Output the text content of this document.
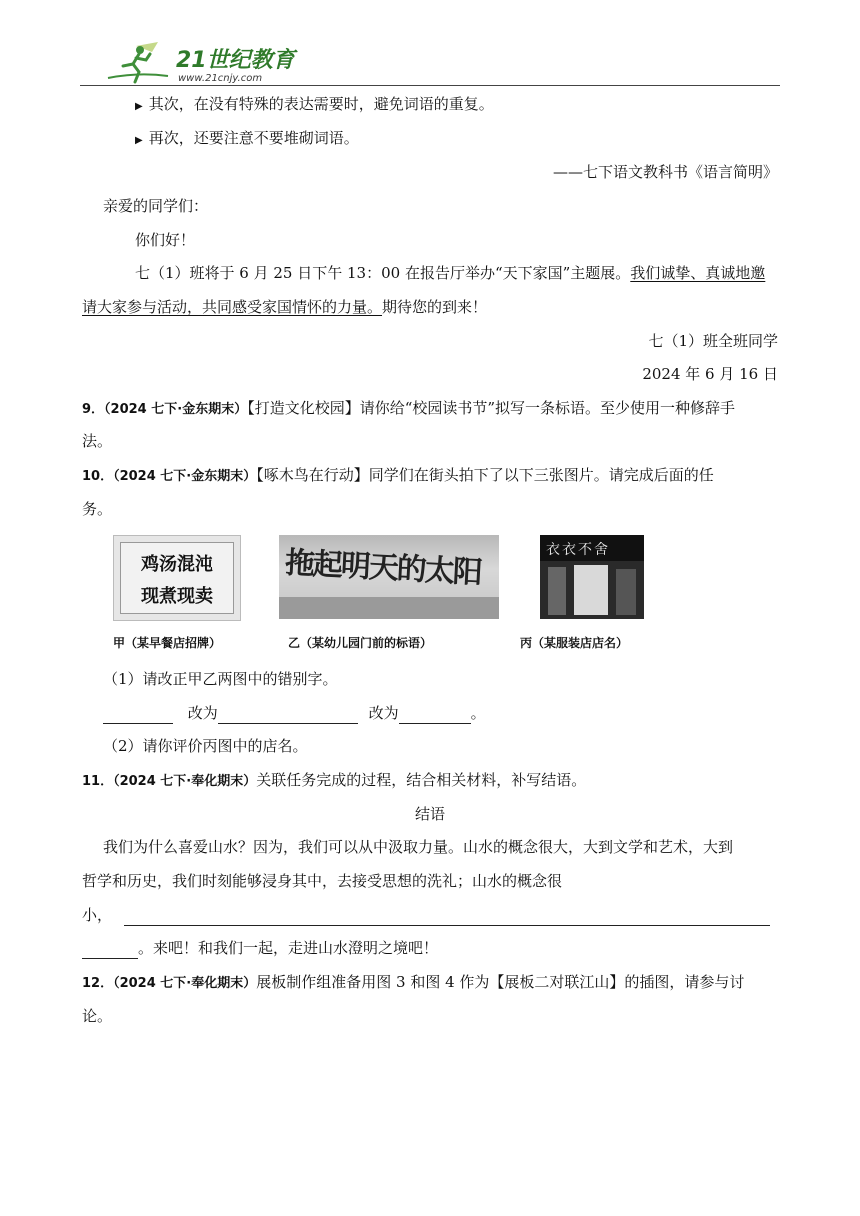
21世纪教育
www.21cnjy.com
▶ 其次，在没有特殊的表达需要时，避免词语的重复。
▶ 再次，还要注意不要堆砌词语。
——七下语文教科书《语言简明》
亲爱的同学们：
你们好！
七（1）班将于 6 月 25 日下午 13：00 在报告厅举办“天下家国”主题展。我们诚挚、真诚地邀
请大家参与活动，共同感受家国情怀的力量。期待您的到来！
七（1）班全班同学
2024 年 6 月 16 日
9．（2024 七下·金东期末）【打造文化校园】请你给“校园读书节”拟写一条标语。至少使用一种修辞手
法。
10．（2024 七下·金东期末）【啄木鸟在行动】同学们在街头拍下了以下三张图片。请完成后面的任
务。
鸡汤混沌
现煮现卖
甲（某早餐店招牌）
拖起明天的太阳
乙（某幼儿园门前的标语）
衣衣不舍
丙（某服装店店名）
（1）请改正甲乙两图中的错别字。
改为	改为	。
（2）请你评价丙图中的店名。
11．（2024 七下·奉化期末）关联任务完成的过程，结合相关材料，补写结语。
结语
我们为什么喜爱山水？因为，我们可以从中汲取力量。山水的概念很大，大到文学和艺术，大到
哲学和历史，我们时刻能够浸身其中，去接受思想的洗礼；山水的概念很
小，
。来吧！和我们一起，走进山水澄明之境吧！
12．（2024 七下·奉化期末）展板制作组准备用图 3 和图 4 作为【展板二对联江山】的插图，请参与讨
论。
